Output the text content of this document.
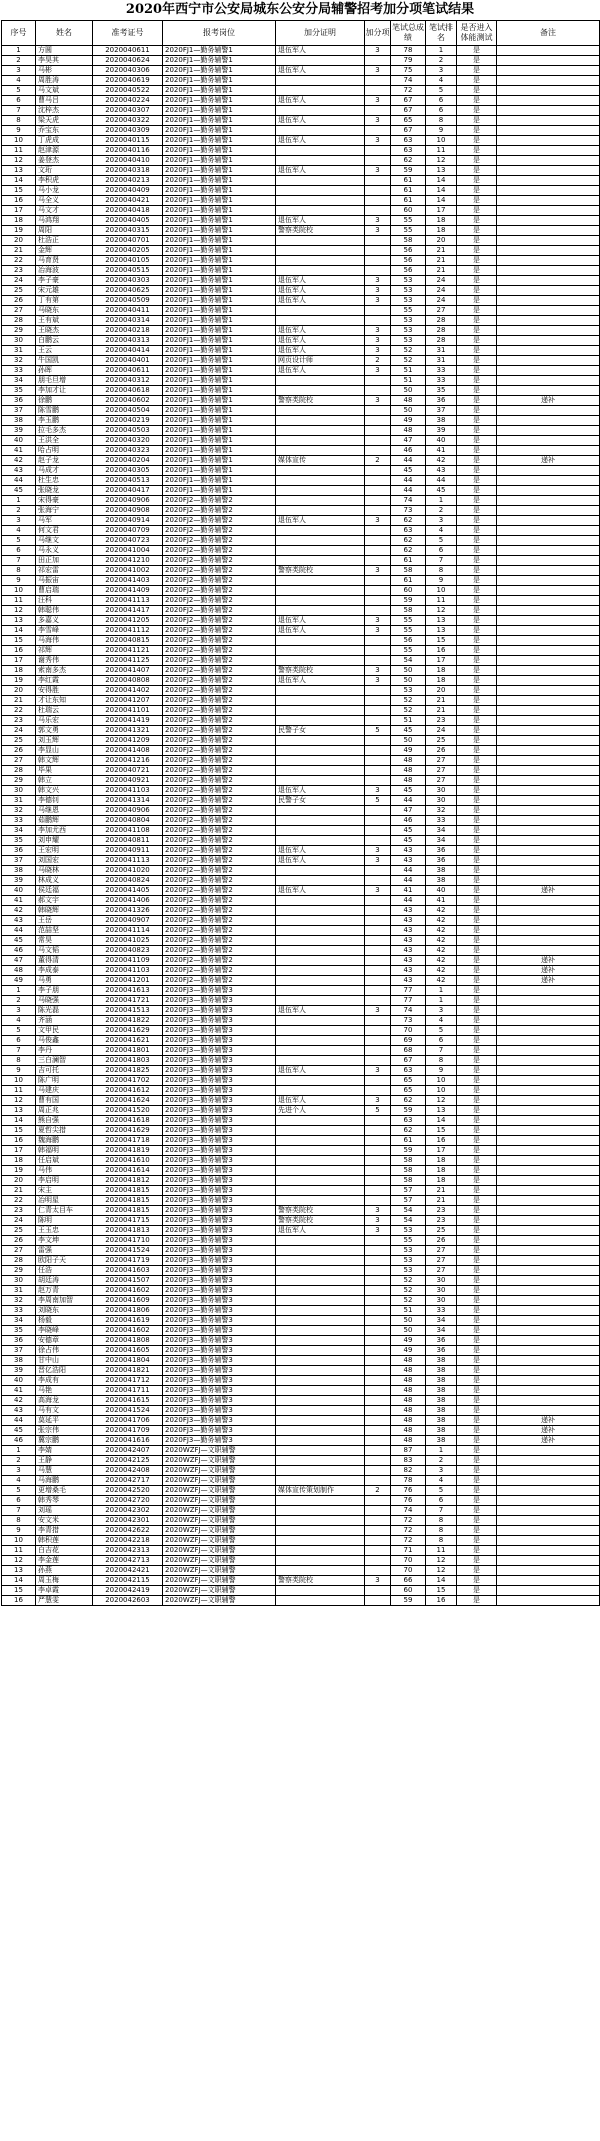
2020年西宁市公安局城东公安分局辅警招考加分项笔试结果
序号	姓名	准考证号	报考岗位	加分证明	加分项	笔试总成绩	笔试排名	是否进入体能测试	备注
1	方圆	2020040611	2020FJ1—勤务辅警1	退伍军人	3	78	1	是	
2	李昊其	2020040624	2020FJ1—勤务辅警1			79	2	是	
3	马彬	2020040306	2020FJ1—勤务辅警1	退伍军人	3	75	3	是	
4	周胜涛	2020040619	2020FJ1—勤务辅警1			74	4	是	
5	马文斌	2020040522	2020FJ1—勤务辅警1			72	5	是	
6	曹马吕	2020040224	2020FJ1—勤务辅警1	退伍军人	3	67	6	是	
7	沈梓杰	2020040307	2020FJ1—勤务辅警1			67	6	是	
8	梁天虎	2020040322	2020FJ1—勤务辅警1	退伍军人	3	65	8	是	
9	乔宝东	2020040309	2020FJ1—勤务辅警1			67	9	是	
10	丁虎成	2020040115	2020FJ1—勤务辅警1	退伍军人	3	63	10	是	
11	赵津源	2020040116	2020FJ1—勤务辅警1			63	11	是	
12	姜登杰	2020040410	2020FJ1—勤务辅警1			62	12	是	
13	文珩	2020040318	2020FJ1—勤务辅警1	退伍军人	3	59	13	是	
14	李积虎	2020040213	2020FJ1—勤务辅警1			61	14	是	
15	马小龙	2020040409	2020FJ1—勤务辅警1			61	14	是	
16	马全义	2020040421	2020FJ1—勤务辅警1			61	14	是	
17	马文才	2020040418	2020FJ1—勤务辅警1			60	17	是	
18	马鸿翔	2020040405	2020FJ1—勤务辅警1	退伍军人	3	55	18	是	
19	周阳	2020040315	2020FJ1—勤务辅警1	警察类院校	3	55	18	是	
20	杜浩正	2020040701	2020FJ1—勤务辅警1			58	20	是	
21	金辉	2020040205	2020FJ1—勤务辅警1			56	21	是	
22	马育贤	2020040105	2020FJ1—勤务辅警1			56	21	是	
23	冶海波	2020040515	2020FJ1—勤务辅警1			56	21	是	
24	李子豪	2020040303	2020FJ1—勤务辅警1	退伍军人	3	53	24	是	
25	宋元雄	2020040625	2020FJ1—勤务辅警1	退伍军人	3	53	24	是	
26	丁有第	2020040509	2020FJ1—勤务辅警1	退伍军人	3	53	24	是	
27	马晓东	2020040411	2020FJ1—勤务辅警1			55	27	是	
28	王有斌	2020040314	2020FJ1—勤务辅警1			53	28	是	
29	王晓杰	2020040218	2020FJ1—勤务辅警1	退伍军人	3	53	28	是	
30	白鹏云	2020040313	2020FJ1—勤务辅警1	退伍军人	3	53	28	是	
31	王云	2020040414	2020FJ1—勤务辅警1	退伍军人	3	52	31	是	
32	牛国凯	2020040401	2020FJ1—勤务辅警1	网页设计师	2	52	31	是	
33	孙晖	2020040611	2020FJ1—勤务辅警1	退伍军人	3	51	33	是	
34	朋毛旦增	2020040312	2020FJ1—勤务辅警1			51	33	是	
35	李加才让	2020040618	2020FJ1—勤务辅警1			50	35	是	
36	徐鹏	2020040602	2020FJ1—勤务辅警1	警察类院校	3	48	36	是	递补
37	陈雪鹏	2020040504	2020FJ1—勤务辅警1			50	37	是	
38	李玉鹏	2020040219	2020FJ1—勤务辅警1			49	38	是	
39	拉毛多杰	2020040503	2020FJ1—勤务辅警1			48	39	是	
40	王洪全	2020040320	2020FJ1—勤务辅警1			47	40	是	
41	哈占明	2020040323	2020FJ1—勤务辅警1			46	41	是	
42	赵子龙	2020040204	2020FJ1—勤务辅警1	媒体宣传	2	44	42	是	递补
43	马成才	2020040305	2020FJ1—勤务辅警1			45	43	是	
44	杜生忠	2020040513	2020FJ1—勤务辅警1			44	44	是	
45	张晓龙	2020040417	2020FJ1—勤务辅警1			44	45	是	
1	宋得豪	2020040906	2020FJ2—勤务辅警2			74	1	是	
2	张海宁	2020040908	2020FJ2—勤务辅警2			73	2	是	
3	马军	2020040914	2020FJ2—勤务辅警2	退伍军人	3	62	3	是	
4	何文君	2020040709	2020FJ2—勤务辅警2			63	4	是	
5	马继文	2020040723	2020FJ2—勤务辅警2			62	5	是	
6	马永义	2020041004	2020FJ2—勤务辅警2			62	6	是	
7	田正加	2020041210	2020FJ2—勤务辅警2			61	7	是	
8	祁宏雷	2020041002	2020FJ2—勤务辅警2	警察类院校	3	58	8	是	
9	马振宙	2020041403	2020FJ2—勤务辅警2			61	9	是	
10	曹启瑞	2020041409	2020FJ2—勤务辅警2			60	10	是	
11	汪科	2020041113	2020FJ2—勤务辅警2			59	11	是	
12	韩聪伟	2020041417	2020FJ2—勤务辅警2			58	12	是	
13	多嘉义	2020041205	2020FJ2—勤务辅警2	退伍军人	3	55	13	是	
14	李雪峰	2020041112	2020FJ2—勤务辅警2	退伍军人	3	55	13	是	
15	马海伟	2020040815	2020FJ2—勤务辅警2			56	15	是	
16	祁辉	2020041121	2020FJ2—勤务辅警2			55	16	是	
17	谢秀伟	2020041125	2020FJ2—勤务辅警2			54	17	是	
18	索南多杰	2020041407	2020FJ2—勤务辅警2	警察类院校	3	50	18	是	
19	李红霞	2020040808	2020FJ2—勤务辅警2	退伍军人	3	50	18	是	
20	安得胜	2020041402	2020FJ2—勤务辅警2			53	20	是	
21	才让东知	2020041207	2020FJ2—勤务辅警2			52	21	是	
22	杜瑞云	2020041101	2020FJ2—勤务辅警2			52	21	是	
23	马乐宏	2020041419	2020FJ2—勤务辅警2			51	23	是	
24	郭文勇	2020041321	2020FJ2—勤务辅警2	民警子女	5	45	24	是	
25	刘玉辉	2020041209	2020FJ2—勤务辅警2			50	25	是	
26	李显山	2020041408	2020FJ2—勤务辅警2			49	26	是	
27	韩文辉	2020041216	2020FJ2—勤务辅警2			48	27	是	
28	毕果	2020040721	2020FJ2—勤务辅警2			48	27	是	
29	韩立	2020040921	2020FJ2—勤务辅警2			48	27	是	
30	韩文兴	2020041103	2020FJ2—勤务辅警2	退伍军人	3	45	30	是	
31	李德钊	2020041314	2020FJ2—勤务辅警2	民警子女	5	44	30	是	
32	马继恩	2020040906	2020FJ2—勤务辅警2			47	32	是	
33	茹鹏辉	2020040804	2020FJ2—勤务辅警2			46	33	是	
34	李加尤西	2020041108	2020FJ2—勤务辅警2			45	34	是	
35	刘申耀	2020040811	2020FJ2—勤务辅警2			45	34	是	
36	王宏明	2020040911	2020FJ2—勤务辅警2	退伍军人	3	43	36	是	
37	刘国宏	2020041113	2020FJ2—勤务辅警2	退伍军人	3	43	36	是	
38	马晓林	2020041020	2020FJ2—勤务辅警2			44	38	是	
39	林成义	2020040824	2020FJ2—勤务辅警2			44	38	是	
40	侯廷福	2020041405	2020FJ2—勤务辅警2	退伍军人	3	41	40	是	递补
41	郝文宇	2020041406	2020FJ2—勤务辅警2			44	41	是	
42	韩晓辉	2020041326	2020FJ2—勤务辅警2			43	42	是	
43	王岳	2020040907	2020FJ2—勤务辅警2			43	42	是	
44	范喆坚	2020041114	2020FJ2—勤务辅警2			43	42	是	
45	常昊	2020041025	2020FJ2—勤务辅警2			43	42	是	
46	马文韬	2020040823	2020FJ2—勤务辅警2			43	42	是	
47	董得清	2020041109	2020FJ2—勤务辅警2			43	42	是	递补
48	李成泰	2020041103	2020FJ2—勤务辅警2			43	42	是	递补
49	马勇	2020041201	2020FJ2—勤务辅警2			43	42	是	递补
1	李子朋	2020041613	2020FJ3—勤务辅警3			77	1	是	
2	马晓强	2020041721	2020FJ3—勤务辅警3			77	1	是	
3	陈光磊	2020041513	2020FJ3—勤务辅警3	退伍军人	3	74	3	是	
4	齐涵	2020041822	2020FJ3—勤务辅警3			73	4	是	
5	文甲民	2020041629	2020FJ3—勤务辅警3			70	5	是	
6	马俊鑫	2020041621	2020FJ3—勤务辅警3			69	6	是	
7	李丹	2020041801	2020FJ3—勤务辅警3			68	7	是	
8	三白澜智	2020041803	2020FJ3—勤务辅警3			67	8	是	
9	吉可托	2020041825	2020FJ3—勤务辅警3	退伍军人	3	63	9	是	
10	陈广明	2020041702	2020FJ3—勤务辅警3			65	10	是	
11	马建庆	2020041612	2020FJ3—勤务辅警3			65	10	是	
12	曹有国	2020041624	2020FJ3—勤务辅警3	退伍军人	3	62	12	是	
13	周正兆	2020041520	2020FJ3—勤务辅警3	先进个人	5	59	13	是	
14	熊自强	2020041618	2020FJ3—勤务辅警3			63	14	是	
15	夏哲尖措	2020041629	2020FJ3—勤务辅警3			62	15	是	
16	魏海鹏	2020041718	2020FJ3—勤务辅警3			61	16	是	
17	韩福明	2020041819	2020FJ3—勤务辅警3			59	17	是	
18	任启斌	2020041610	2020FJ3—勤务辅警3			58	18	是	
19	马伟	2020041614	2020FJ3—勤务辅警3			58	18	是	
20	李启明	2020041812	2020FJ3—勤务辅警3			58	18	是	
21	宋主	2020041815	2020FJ3—勤务辅警3			57	21	是	
22	冶明星	2020041815	2020FJ3—勤务辅警3			57	21	是	
23	仁青太目车	2020041815	2020FJ3—勤务辅警3	警察类院校	3	54	23	是	
24	陈明	2020041715	2020FJ3—勤务辅警3	警察类院校	3	54	23	是	
25	王玉忠	2020041813	2020FJ3—勤务辅警3	退伍军人	3	53	25	是	
26	李文坤	2020041710	2020FJ3—勤务辅警3			55	26	是	
27	雷强	2020041524	2020FJ3—勤务辅警3			53	27	是	
28	欧阳子天	2020041719	2020FJ3—勤务辅警3			53	27	是	
29	任浩	2020041603	2020FJ3—勤务辅警3			53	27	是	
30	胡廷涛	2020041507	2020FJ3—勤务辅警3			52	30	是	
31	赵万青	2020041602	2020FJ3—勤务辅警3			52	30	是	
32	李周南加智	2020041609	2020FJ3—勤务辅警3			52	30	是	
33	刘晓东	2020041806	2020FJ3—勤务辅警3			51	33	是	
34	杨毅	2020041619	2020FJ3—勤务辅警3			50	34	是	
35	李晓峰	2020041602	2020FJ3—勤务辅警3			50	34	是	
36	安德章	2020041808	2020FJ3—勤务辅警3			49	36	是	
37	徐占伟	2020041605	2020FJ3—勤务辅警3			49	36	是	
38	甘中山	2020041804	2020FJ3—勤务辅警3			48	38	是	
39	晋亿浩阳	2020041821	2020FJ3—勤务辅警3			48	38	是	
40	李成有	2020041712	2020FJ3—勤务辅警3			48	38	是	
41	马艳	2020041711	2020FJ3—勤务辅警3			48	38	是	
42	高海龙	2020041615	2020FJ3—勤务辅警3			48	38	是	
43	马有文	2020041524	2020FJ3—勤务辅警3			48	38	是	
44	莫延平	2020041706	2020FJ3—勤务辅警3			48	38	是	递补
45	张宗伟	2020041709	2020FJ3—勤务辅警3			48	38	是	递补
46	冀宗鹏	2020041616	2020FJ3—勤务辅警3			48	38	是	递补
1	李婧	2020042407	2020WZFJ—文职辅警			87	1	是	
2	王静	2020042125	2020WZFJ—文职辅警			83	2	是	
3	马慧	2020042408	2020WZFJ—文职辅警			82	3	是	
4	马海鹏	2020042717	2020WZFJ—文职辅警			78	4	是	
5	更增桑毛	2020042520	2020WZFJ—文职辅警	媒体宣传策划制作	2	76	5	是	
6	韩秀琴	2020042720	2020WZFJ—文职辅警			76	6	是	
7	刘瑶	2020042302	2020WZFJ—文职辅警			74	7	是	
8	安文米	2020042301	2020WZFJ—文职辅警			72	8	是	
9	李青措	2020042622	2020WZFJ—文职辅警			72	8	是	
10	韩积莲	2020042218	2020WZFJ—文职辅警			72	8	是	
11	白吉花	2020042313	2020WZFJ—文职辅警			71	11	是	
12	李金莲	2020042713	2020WZFJ—文职辅警			70	12	是	
13	孙燕	2020042421	2020WZFJ—文职辅警			70	12	是	
14	周玉梅	2020042115	2020WZFJ—文职辅警	警察类院校	3	66	14	是	
15	李卓霞	2020042419	2020WZFJ—文职辅警			60	15	是	
16	严慧雯	2020042603	2020WZFJ—文职辅警			59	16	是	
